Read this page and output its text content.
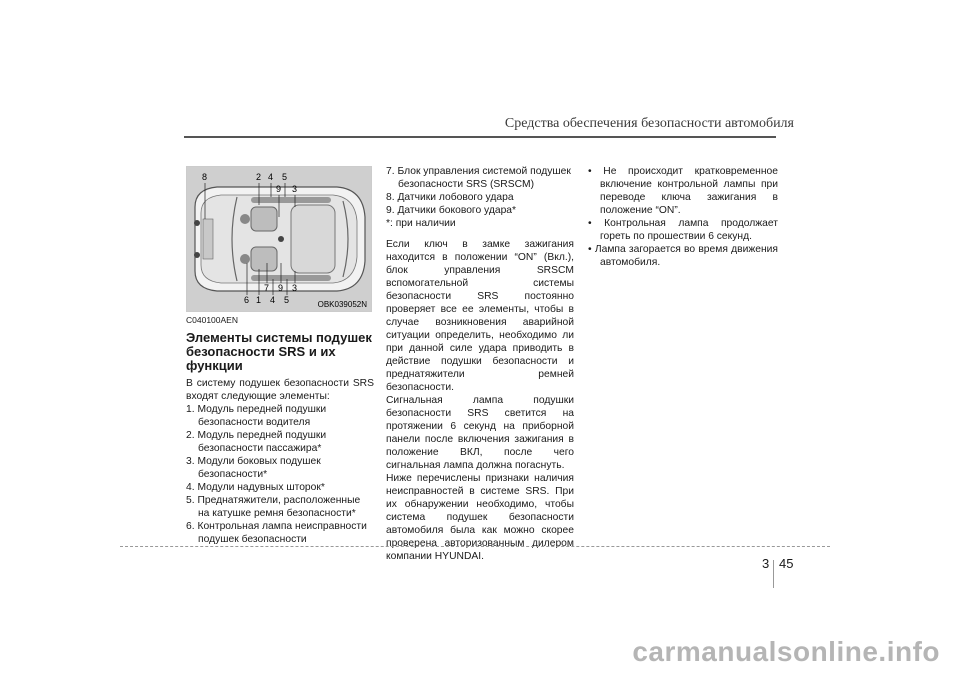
Средства обеспечения безопасности автомобиля
8	2 4 5
9 3
7 9 3
6 1 4 5	OBK039052N

C040100AEN

Элементы системы подушек безопасности SRS и их функции

В систему подушек безопасности SRS входят следующие элементы:

1. Модуль передней подушки безопасности водителя

2. Модуль передней подушки безопасности пассажира*

3. Модули боковых подушек безопасности*

4. Модули надувных шторок*

5. Преднатяжители, расположенные на катушке ремня безопасности*

6. Контрольная лампа неисправности подушек безопасности

7. Блок управления системой подушек безопасности SRS (SRSCM)

8. Датчики лобового удара

9. Датчики бокового удара*

*: при наличии

Если ключ в замке зажигания находится в положении “ON” (Вкл.), блок управления SRSCM вспомогательной системы безопасности SRS постоянно проверяет все ее элементы, чтобы в случае возникновения аварийной ситуации определить, необходимо ли при данной силе удара приводить в действие подушки безопасности и преднатяжители ремней безопасности.

Сигнальная лампа подушки безопасности SRS светится на протяжении 6 секунд на приборной панели после включения зажигания в положение ВКЛ, после чего сигнальная лампа должна погаснуть.

Ниже перечислены признаки наличия неисправностей в системе SRS. При их обнаружении необходимо, чтобы система подушек безопасности автомобиля была как можно скорее проверена авторизованным дилером компании HYUNDAI.

• Не происходит кратковременное включение контрольной лампы при переводе ключа зажигания в положение “ON”.

• Контрольная лампа продолжает гореть по прошествии 6 секунд.

• Лампа загорается во время движения автомобиля.

3 45
carmanualsonline.info
